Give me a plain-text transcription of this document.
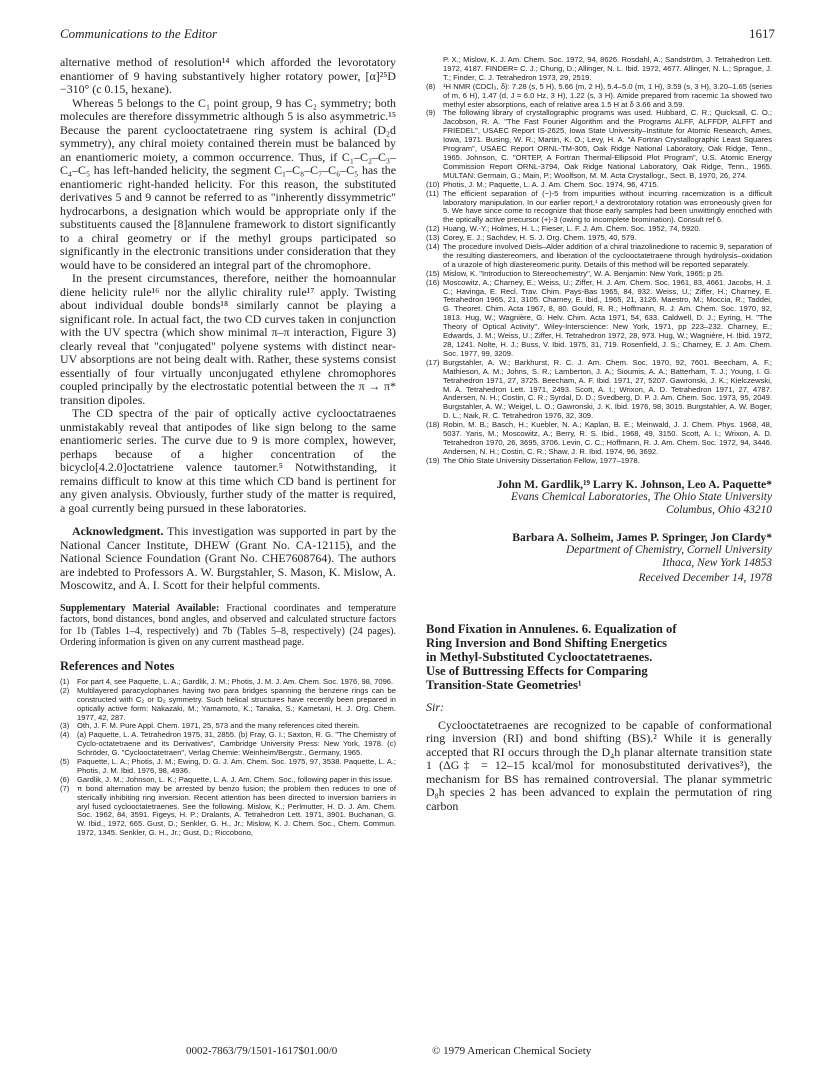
Communications to the Editor	1617

alternative method of resolution¹⁴ which afforded the levorotatory enantiomer of 9 having substantively higher rotatory power, [α]²⁵D −310° (c 0.15, hexane).

Whereas 5 belongs to the C₁ point group, 9 has C₂ symmetry; both molecules are therefore dissymmetric although 5 is also asymmetric.¹⁵ Because the parent cyclooctatetraene ring system is achiral (D₂d symmetry), any chiral moiety contained therein must be balanced by an enantiomeric moiety, a common occurrence. Thus, if C₁–C₂–C₃–C₄–C₅ has left-handed helicity, the segment C₁–C₈–C₇–C₆–C₅ has the enantiomeric right-handed helicity. For this reason, the substituted derivatives 5 and 9 cannot be referred to as "inherently dissymmetric" hydrocarbons, a designation which would be appropriate only if the substituents caused the [8]annulene framework to distort significantly to a chiral geometry or if the methyl groups participated so significantly in the electronic transitions under consideration that they would have to be considered an integral part of the chromophore.

In the present circumstances, therefore, neither the homoannular diene helicity rule¹⁶ nor the allylic chirality rule¹⁷ apply. Twisting about individual double bonds¹⁸ similarly cannot be playing a significant role. In actual fact, the two CD curves taken in conjunction with the UV spectra (which show minimal π–π interaction, Figure 3) clearly reveal that "conjugated" polyene systems with distinct near-UV absorptions are not being dealt with. Rather, these systems consist essentially of four virtually unconjugated ethylene chromophores coupled principally by the electrostatic potential between the π → π* transition dipoles.

The CD spectra of the pair of optically active cyclooctatraenes unmistakably reveal that antipodes of like sign belong to the same enantiomeric series. The curve due to 9 is more complex, however, perhaps because of a higher concentration of the bicyclo[4.2.0]octatriene valence tautomer.⁵ Notwithstanding, it remains difficult to know at this time which CD band is pertinent for any given analysis. Obviously, further study of the matter is required, a goal currently being pursued in these laboratories.

Acknowledgment. This investigation was supported in part by the National Cancer Institute, DHEW (Grant No. CA-12115), and the National Science Foundation (Grant No. CHE7608764). The authors are indebted to Professors A. W. Burgstahler, S. Mason, K. Mislow, A. Moscowitz, and A. I. Scott for their helpful comments.

Supplementary Material Available: Fractional coordinates and temperature factors, bond distances, bond angles, and observed and calculated structure factors for 1b (Tables 1–4, respectively) and 7b (Tables 5–8, respectively) (24 pages). Ordering information is given on any current masthead page.

References and Notes
(1)	For part 4, see Paquette, L. A.; Gardlik, J. M.; Photis, J. M. J. Am. Chem. Soc. 1976, 98, 7096.
(2)	Multilayered paracyclophanes having two para bridges spanning the benzene rings can be constructed with C₂ or D₂ symmetry. Such helical structures have recently been prepared in optically active form: Nakazaki, M.; Yamamoto, K.; Tanaka, S.; Kametani, H. J. Org. Chem. 1977, 42, 287.
(3)	Oth, J. F. M. Pure Appl. Chem. 1971, 25, 573 and the many references cited therein.
(4)	(a) Paquette, L. A. Tetrahedron 1975, 31, 2855. (b) Fray, G. I.; Saxton, R. G. "The Chemistry of Cyclo-octatetraene and its Derivatives", Cambridge University Press: New York, 1978. (c) Schröder, G. "Cyclooctatetraen", Verlag Chemie: Weinheim/Bergstr., Germany, 1965.
(5)	Paquette, L. A.; Photis, J. M.; Ewing, D. G. J. Am. Chem. Soc. 1975, 97, 3538. Paquette, L. A.; Photis, J. M. Ibid. 1976, 98, 4936.
(6)	Gardlik, J. M.; Johnson, L. K.; Paquette, L. A. J. Am. Chem. Soc., following paper in this issue.
(7)	π bond alternation may be arrested by benzo fusion; the problem then reduces to one of sterically inhibiting ring inversion. Recent attention has been directed to inversion barriers in aryl fused cyclooctatetraenes. See the following. Mislow, K.; Perlmutter, H. D. J. Am. Chem. Soc. 1962, 84, 3591. Figeys, H. P.; Dralants, A. Tetrahedron Lett. 1971, 3901. Buchanan, G. W. Ibid., 1972, 665. Gust, D.; Senkler, G. H., Jr.; Mislow, K. J. Chem. Soc., Chem. Commun. 1972, 1345. Senkler, G. H., Jr.; Gust, D.; Riccobono,
P. X.; Mislow, K. J. Am. Chem. Soc. 1972, 94, 8626. Rosdahl, A.; Sandström, J. Tetrahedron Lett. 1972, 4187. FINDER= C. J.; Chung, D.; Allinger, N. L. Ibid. 1972, 4677. Allinger, N. L.; Sprague, J. T.; Finder, C. J. Tetrahedron 1973, 29, 2519.
(8)	¹H NMR (CDCl₃, δ): 7.28 (s, 5 H), 5.66 (m, 2 H), 5.4–5.0 (m, 1 H), 3.59 (s, 3 H), 3.20–1.65 (series of m, 6 H), 1.47 (d, J = 6.0 Hz, 3 H), 1.22 (s, 3 H). Amide prepared from racemic 1a showed two methyl ester absorptions, each of relative area 1.5 H at δ 3.66 and 3.59.
(9)	The following library of crystallographic programs was used. Hubbard, C. R.; Quicksall, C. O.; Jacobson, R. A. "The Fast Fourier Algorithm and the Programs ALFF, ALFFDP, ALFFT and FRIEDEL", USAEC Report IS-2625, Iowa State University–Institute for Atomic Research, Ames, Iowa, 1971. Busing, W. R.; Martin, K. O.; Levy, H. A. "A Fortran Crystallographic Least Squares Program", USAEC Report ORNL-TM-305, Oak Ridge National Laboratory, Oak Ridge, Tenn., 1965. Johnson, C. "ORTEP, A Fortran Thermal-Ellipsoid Plot Program", U.S. Atomic Energy Commission Report ORNL-3794, Oak Ridge National Laboratory, Oak Ridge, Tenn., 1965. MULTAN: Germain, G.; Main, P.; Woolfson, M. M. Acta Crystallogr., Sect. B, 1970, 26, 274.
(10) Photis, J. M.; Paquette, L. A. J. Am. Chem. Soc. 1974, 96, 4715.
(11) The efficient separation of (−)-5 from impurities without incurring racemization is a difficult laboratory manipulation. In our earlier report,¹ a dextrorotatory rotation was erroneously given for 5. We have since come to recognize that those early samples had been unwittingly enriched with the optically active precursor (+)-3 (owing to incomplete bromination). Consult ref 6.
(12) Huang, W.-Y.; Holmes, H. L.; Fieser, L. F. J. Am. Chem. Soc. 1952, 74, 5920.
(13) Corey, E. J.; Sachdev, H. S. J. Org. Chem. 1975, 40, 579.
(14) The procedure involved Diels–Alder addition of a chiral triazolinedione to racemic 9, separation of the resulting diastereomers, and liberation of the cyclooctatetraene through hydrolysis–oxidation of a urazole of high diastereomeric purity. Details of this method will be reported separately.
(15) Mislow, K. "Introduction to Stereochemistry", W. A. Benjamin: New York, 1965; p 25.
(16) Moscowitz, A.; Charney, E.; Weiss, U.; Ziffer, H. J. Am. Chem. Soc. 1961, 83, 4661. Jacobs, H. J. C.; Havinga, E. Recl. Trav. Chim. Pays-Bas 1965, 84, 932. Weiss, U.; Ziffer, H.; Charney, E. Tetrahedron 1965, 21, 3105. Charney, E. Ibid., 1965, 21, 3126. Maestro, M.; Moccia, R.; Taddei, G. Theoret. Chim. Acta 1967, 8, 80. Gould, R. R.; Hoffmann, R. J. Am. Chem. Soc. 1970, 92, 1813. Hug, W.; Wagnière, G. Helv. Chim. Acta 1971, 54, 633. Caldwell, D. J.; Eyring, H. "The Theory of Optical Activity", Wiley-Interscience: New York, 1971, pp 223–232. Charney, E.; Edwards, J. M.; Weiss, U.; Ziffer, H. Tetrahedron 1972, 28, 973. Hug, W.; Wagnière, H. Ibid. 1972, 28, 1241. Nolte, H. J.; Buss, V. Ibid. 1975, 31, 719. Rosenfield, J. S.; Charney, E. J. Am. Chem. Soc. 1977, 99, 3209.
(17) Burgstahler, A. W.; Barkhurst, R. C. J. Am. Chem. Soc. 1970, 92, 7601. Beecham, A. F.; Mathieson, A. M.; Johns, S. R.; Lamberton, J. A.; Sioumis, A. A.; Batterham, T. J.; Young, I. G. Tetrahedron 1971, 27, 3725. Beecham, A. F. Ibid. 1971, 27, 5207. Gawronski, J. K.; Kielczewski, M. A. Tetrahedron Lett. 1971, 2493. Scott, A. I.; Wrixon, A. D. Tetrahedron 1971, 27, 4787. Andersen, N. H.; Costin, C. R.; Syrdal, D. D.; Svedberg, D. P. J. Am. Chem. Soc. 1973, 95, 2049. Burgstahler, A. W.; Weigel, L. O.; Gawronski, J. K. Ibid. 1976, 98, 3015. Burgstahler, A. W. Boger, D. L.; Naik, R. C. Tetrahedron 1976, 32, 309.
(18) Robin, M. B.; Basch, H.; Kuebler, N. A.; Kaplan, B. E.; Meinwald, J. J. Chem. Phys. 1968, 48, 5037. Yaris, M.; Moscowitz, A.; Berry, R. S. Ibid., 1968, 49, 3150. Scott, A. I.; Wrixon, A. D. Tetrahedron 1970, 26, 3695, 3706. Levin, C. C.; Hoffmann, R. J. Am. Chem. Soc. 1972, 94, 3446. Andersen, N. H.; Costin, C. R.; Shaw, J. R. Ibid. 1974, 96, 3692.
(19) The Ohio State University Dissertation Fellow, 1977–1978.
John M. Gardlik,¹⁹ Larry K. Johnson, Leo A. Paquette*
Evans Chemical Laboratories, The Ohio State University
Columbus, Ohio 43210
Barbara A. Solheim, James P. Springer, Jon Clardy*
Department of Chemistry, Cornell University
Ithaca, New York 14853
Received December 14, 1978
Bond Fixation in Annulenes. 6. Equalization of
Ring Inversion and Bond Shifting Energetics
in Methyl-Substituted Cyclooctatetraenes.
Use of Buttressing Effects for Comparing
Transition-State Geometries¹
Sir:

Cyclooctatetraenes are recognized to be capable of conformational ring inversion (RI) and bond shifting (BS).² While it is generally accepted that RI occurs through the D₄h planar alternate transition state 1 (ΔG‡ = 12–15 kcal/mol for monosubstituted derivatives³), the mechanism for BS has remained controversial. The planar symmetric D₈h species 2 has been advanced to explain the permutation of ring carbon

0002-7863/79/1501-1617$01.00/0	© 1979 American Chemical Society
